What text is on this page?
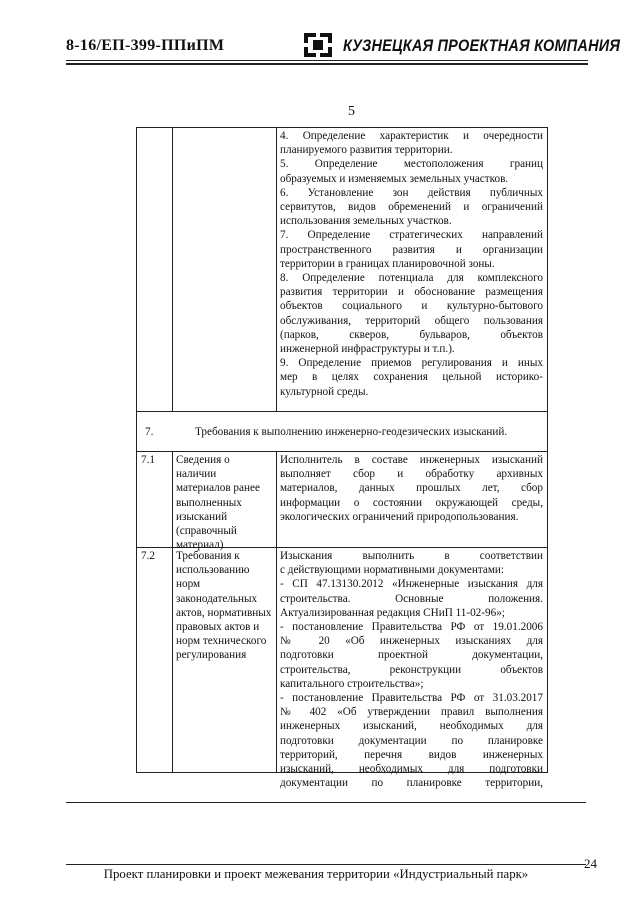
8-16/ЕП-399-ППиПМ	КУЗНЕЦКАЯ ПРОЕКТНАЯ КОМПАНИЯ
5
4. Определение характеристик и очередности
планируемого развития территории.
5. Определение местоположения границ
образуемых и изменяемых земельных участков.
6. Установление зон действия публичных
сервитутов, видов обременений и ограничений
использования земельных участков.
7. Определение стратегических направлений
пространственного развития и организации
территории в границах планировочной зоны.
8. Определение потенциала для комплексного
развития территории и обоснование размещения
объектов социального и культурно-бытового
обслуживания, территорий общего пользования
(парков, скверов, бульваров, объектов
инженерной инфраструктуры и т.п.).
9. Определение приемов регулирования и иных
мер в целях сохранения цельной историко-
культурной среды.
7.	Требования к выполнению инженерно-геодезических изысканий.
7.1 Сведения о
наличии
материалов ранее
выполненных
изысканий
(справочный
материал)
Исполнитель в составе инженерных изысканий
выполняет сбор и обработку архивных
материалов, данных прошлых лет, сбор
информации о состоянии окружающей среды,
экологических ограничений природопользования.
7.2 Требования к
использованию
норм
законодательных
актов, нормативных
правовых актов и
норм технического
регулирования
Изыскания выполнить в соответствии
с действующими нормативными документами:
- СП 47.13130.2012 «Инженерные изыскания для
строительства. Основные положения.
Актуализированная редакция СНиП 11-02-96»;
- постановление Правительства РФ от 19.01.2006
№ 20 «Об инженерных изысканиях для
подготовки проектной документации,
строительства, реконструкции объектов
капитального строительства»;
- постановление Правительства РФ от 31.03.2017
№ 402 «Об утверждении правил выполнения
инженерных изысканий, необходимых для
подготовки документации по планировке
территорий, перечня видов инженерных
изысканий, необходимых для подготовки
документации по планировке территории,
24
Проект планировки и проект межевания территории «Индустриальный парк»
